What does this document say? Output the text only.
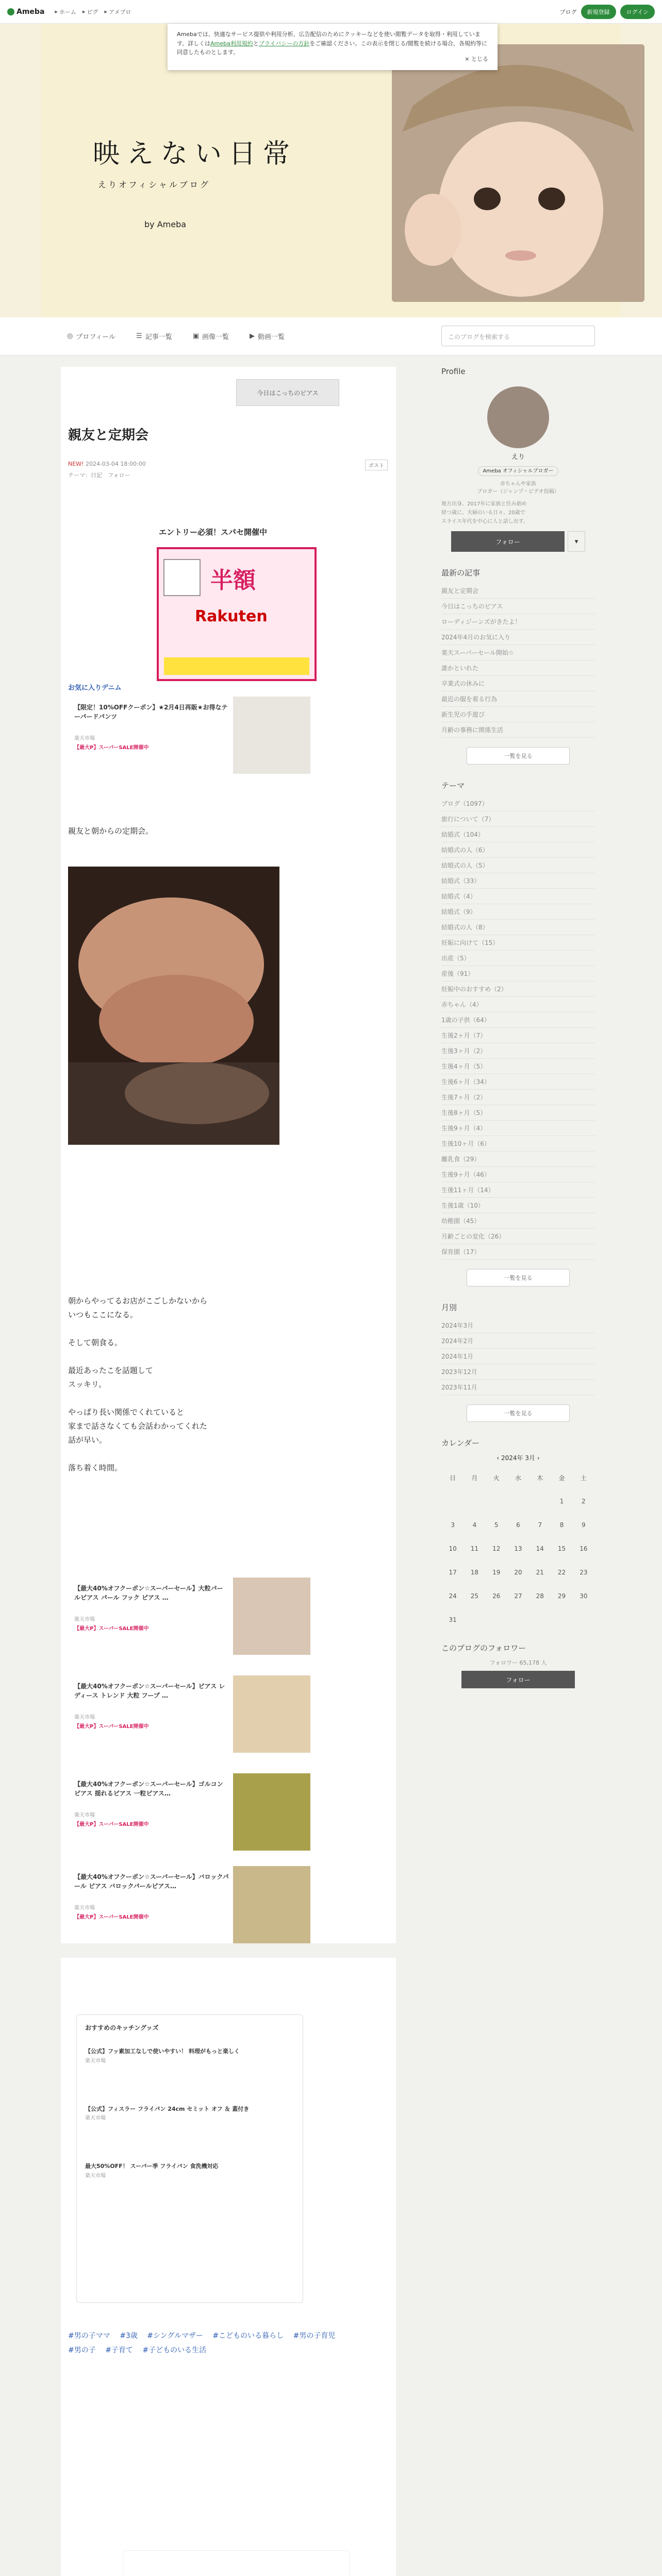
Ameba ▸ ホーム ▸ ピグ ▸ アメブロ	ブログ	新規登録	ログイン
映えない日常
えりオフィシャルブログ
by Ameba
Amebaでは、快適なサービス提供や利用分析、広告配信のためにクッキーなどを使い閲覧データを取得・利用しています。詳しくはAmeba利用規約とプライバシーの方針をご確認ください。この表示を閉じる/閲覧を続ける場合、各規約等に同意したものとします。
× とじる
◎ プロフィール	☰ 記事一覧	▣ 画像一覧	▶ 動画一覧	このブログを検索する
今日はこっちのピアス
親友と定期会
NEW! 2024-03-04 18:00:00
テーマ：日記　 フォロー
ポスト
エントリー必須！スパセ開催中
半額
Rakuten
お気に入りデニム
【限定！10%OFFクーポン】★2月4日再販★お得なテーパードパンツ
楽天市場
【最大P】スーパーSALE開催中
親友と朝からの定期会。
朝からやってるお店がこごしかないから
いつもここになる。
そして朝食る。
最近あったこを話題して
スッキリ。
やっぱり長い関係でくれていると
家まで話さなくても会話わかってくれた
話が早い。
落ち着く時間。
【最大40%オフクーポン☆スーパーセール】大粒パールピアス パール フック ピアス …
楽天市場
【最大P】スーパーSALE開催中
【最大40%オフクーポン☆スーパーセール】ピアス レディース トレンド 大粒 フープ …
楽天市場
【最大P】スーパーSALE開催中
【最大40%オフクーポン☆スーパーセール】ゴルコンピアス 揺れるピアス 一粒ピアス…
楽天市場
【最大P】スーパーSALE開催中
【最大40%オフクーポン☆スーパーセール】バロックパール ピアス バロックパールピアス…
楽天市場
【最大P】スーパーSALE開催中
Profile
えり
Ameba オフィシャルブロガー
赤ちゃんや家族
ブロガー（ジャンプ・ビデオ投稿）
地方出身、2017年に家族と住み始め
経つ歳に、夫婦のいる日々、20歳で
スライス年代を中心に人と話し出す。
フォロー	▾
最新の記事
親友と定期会
今日はこっちのピアス
ローディジーンズがきたよ！
2024年4月のお気に入り
楽天スーパーセール開始☆
誰かといれた
卒業式の休みに
最近の服を着る行為
新生児の手遊び
月齢の事務に関係生活
一覧を見る
テーマ
ブログ（1097）
旅行について（7）
結婚式（104）
結婚式の人（6）
結婚式の人（5）
結婚式（33）
結婚式（4）
結婚式（9）
結婚式の人（8）
妊娠に向けて（15）
出産（5）
産後（91）
妊娠中のおすすめ（2）
赤ちゃん（4）
1歳の子供（64）
生後2ヶ月（7）
生後3ヶ月（2）
生後4ヶ月（5）
生後6ヶ月（34）
生後7ヶ月（2）
生後8ヶ月（5）
生後9ヶ月（4）
生後10ヶ月（6）
離乳食（29）
生後9ヶ月（46）
生後11ヶ月（14）
生後1歳（10）
幼稚園（45）
月齢ごとの変化（26）
保育園（17）
一覧を見る
月別
2024年3月
2024年2月
2024年1月
2023年12月
2023年11月
一覧を見る
カレンダー
‹ 2024年 3月 ›
日	月	火	水	木	金	土
					1	2
3	4	5	6	7	8	9
10	11	12	13	14	15	16
17	18	19	20	21	22	23
24	25	26	27	28	29	30
31						
このブログのフォロワー
フォロワー 65,178 人
フォロー
おすすめのキッチングッズ
【公式】フッ素加工なしで使いやすい！ 料理がもっと楽しく
楽天市場
【公式】フィスラー フライパン 24cm セミット オフ ＆ 蓋付き
楽天市場
最大50%OFF！ スーパー季 フライパン 食洗機対応
楽天市場
#男の子ママ　 #3歳　 #シングルマザー　 #こどものいる暮らし　 #男の子育児
#男の子　 #子育て　 #子どものいる生活
